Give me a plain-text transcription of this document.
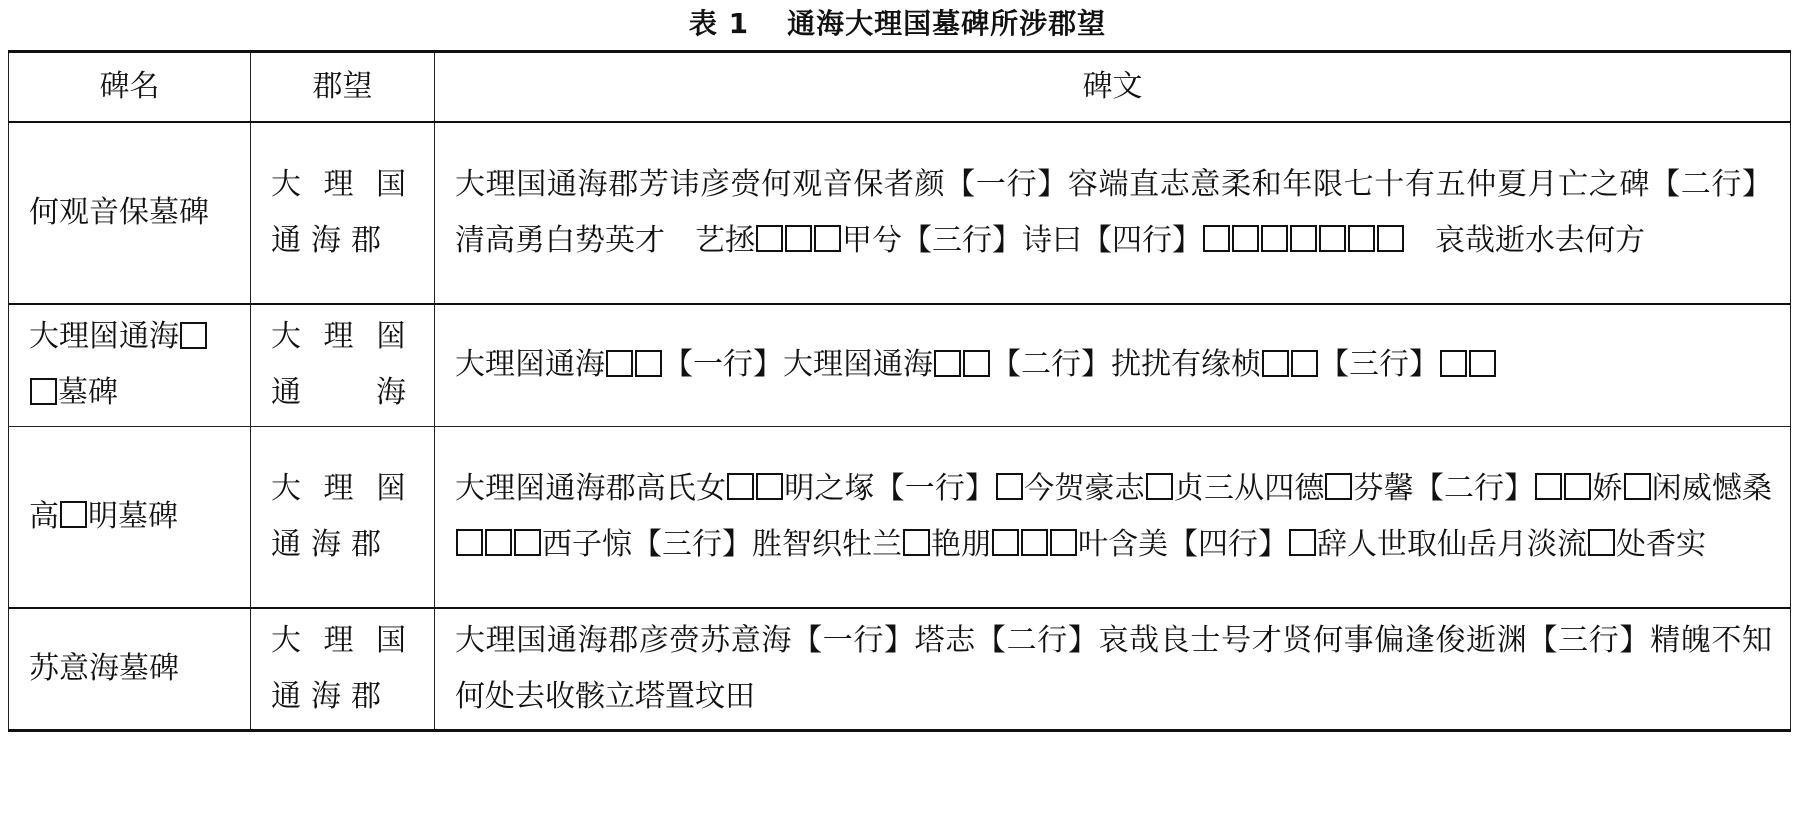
表 1 通海大理国墓碑所涉郡望
碑名	郡望	碑文
何观音保墓碑	大理国通海郡	大理国通海郡芳讳彦赍何观音保者颜【一行】容端直志意柔和年限七十有五仲夏月亡之碑【二行】清高勇白势英才　艺拯 甲兮【三行】诗曰【四行】 　哀哉逝水去何方
大理囶通海墓碑	大理囶通海	大理囶通海 【一行】大理囶通海 【二行】扰扰有缘桢 【三行】
高 明墓碑	大理囶通海郡	大理囶通海郡高氏女 明之塚【一行】 今贺豪志 贞三从四德 芬馨【二行】 娇 闲威憾桑西子惊【三行】胜智织牡兰 艳朋 叶含美【四行】 辞人世取仙岳月淡流 处香实
苏意海墓碑	大理国通海郡	大理国通海郡彦赍苏意海【一行】塔志【二行】哀哉良士号才贤何事偏逢俊逝渊【三行】精魄不知何处去收骸立塔置坟田
